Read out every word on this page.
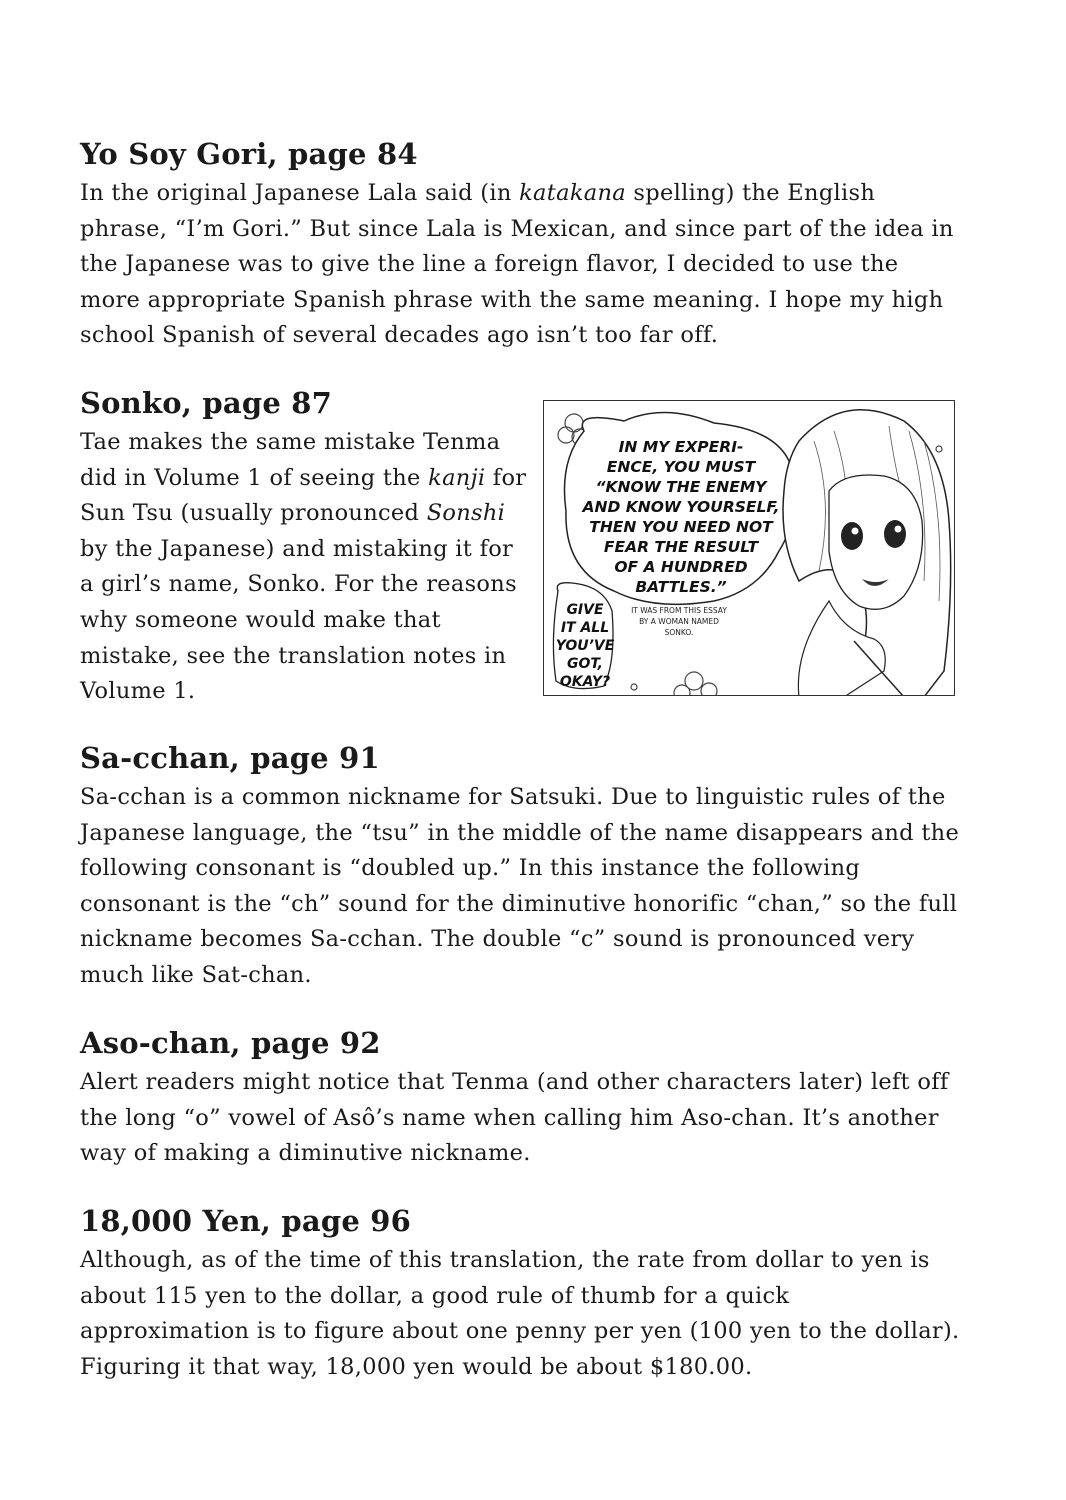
Yo Soy Gori, page 84

In the original Japanese Lala said (in katakana spelling) the English phrase, “I’m Gori.” But since Lala is Mexican, and since part of the idea in the Japanese was to give the line a foreign flavor, I decided to use the more appropriate Spanish phrase with the same meaning. I hope my high school Spanish of several decades ago isn’t too far off.

Sonko, page 87

Tae makes the same mistake Tenma did in Volume 1 of seeing the kanji for Sun Tsu (usually pronounced Sonshi by the Japanese) and mistaking it for a girl’s name, Sonko. For the reasons why someone would make that mistake, see the translation notes in Volume 1.

IN MY EXPERI-
ENCE, YOU MUST
“KNOW THE ENEMY
AND KNOW YOURSELF,
THEN YOU NEED NOT
FEAR THE RESULT
OF A HUNDRED
BATTLES.”
GIVE
IT ALL
YOU’VE
GOT,
OKAY?
IT WAS FROM THIS ESSAY
BY A WOMAN NAMED
SONKO.
Sa-cchan, page 91

Sa-cchan is a common nickname for Satsuki. Due to linguistic rules of the Japanese language, the “tsu” in the middle of the name disappears and the following consonant is “doubled up.” In this instance the following consonant is the “ch” sound for the diminutive honorific “chan,” so the full nickname becomes Sa-cchan. The double “c” sound is pronounced very much like Sat-chan.

Aso-chan, page 92

Alert readers might notice that Tenma (and other characters later) left off the long “o” vowel of Asô’s name when calling him Aso-chan. It’s another way of making a diminutive nickname.

18,000 Yen, page 96

Although, as of the time of this translation, the rate from dollar to yen is about 115 yen to the dollar, a good rule of thumb for a quick approximation is to figure about one penny per yen (100 yen to the dollar). Figuring it that way, 18,000 yen would be about $180.00.
